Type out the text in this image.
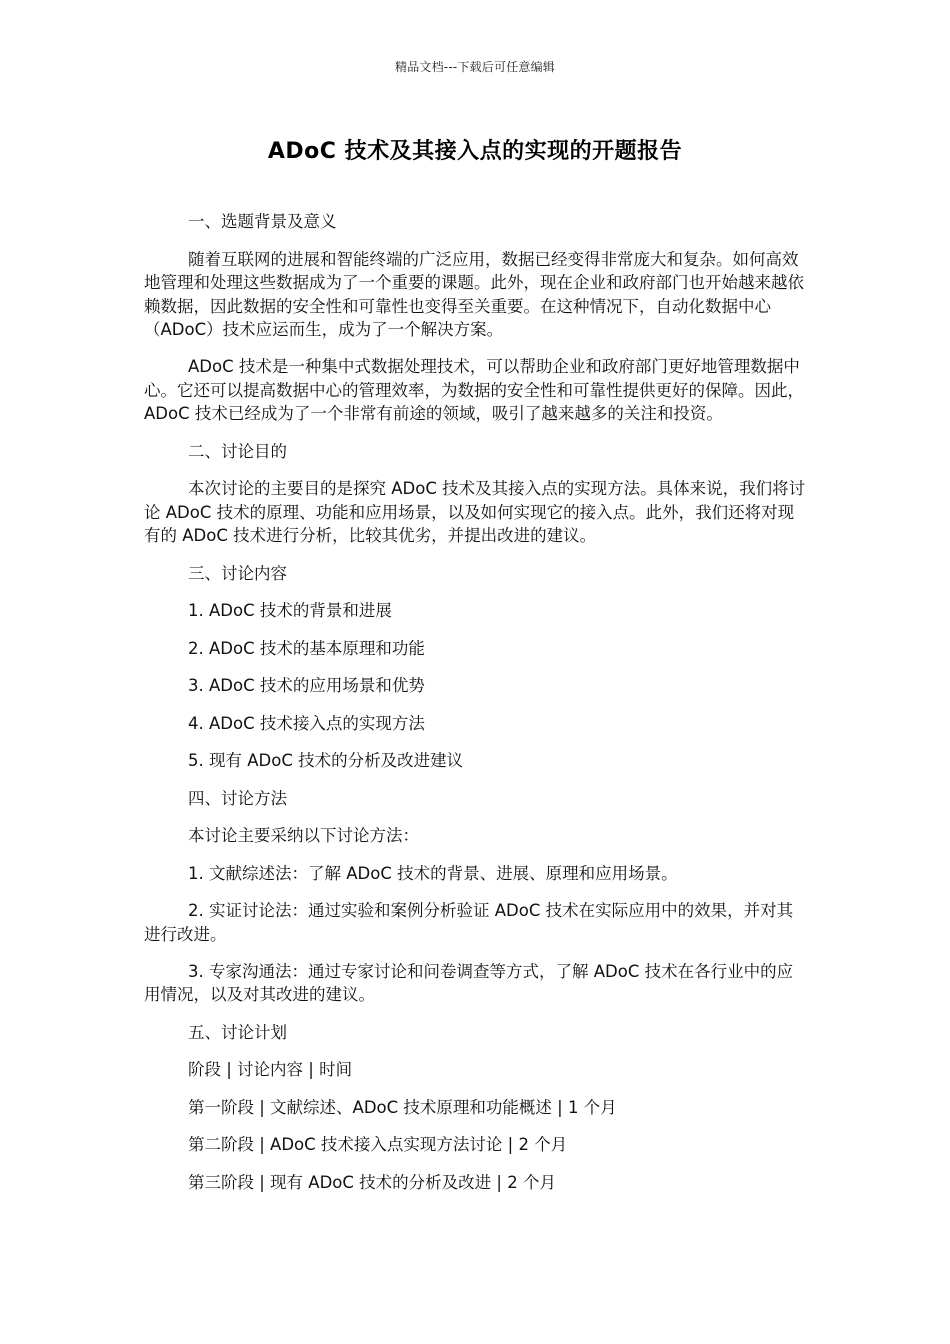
精品文档---下载后可任意编辑
ADoC 技术及其接入点的实现的开题报告

一、选题背景及意义

随着互联网的进展和智能终端的广泛应用，数据已经变得非常庞大和复杂。如何高效地管理和处理这些数据成为了一个重要的课题。此外，现在企业和政府部门也开始越来越依赖数据，因此数据的安全性和可靠性也变得至关重要。在这种情况下，自动化数据中心（ADoC）技术应运而生，成为了一个解决方案。

ADoC 技术是一种集中式数据处理技术，可以帮助企业和政府部门更好地管理数据中心。它还可以提高数据中心的管理效率，为数据的安全性和可靠性提供更好的保障。因此，ADoC 技术已经成为了一个非常有前途的领域，吸引了越来越多的关注和投资。

二、讨论目的

本次讨论的主要目的是探究 ADoC 技术及其接入点的实现方法。具体来说，我们将讨论 ADoC 技术的原理、功能和应用场景，以及如何实现它的接入点。此外，我们还将对现有的 ADoC 技术进行分析，比较其优劣，并提出改进的建议。

三、讨论内容

1. ADoC 技术的背景和进展

2. ADoC 技术的基本原理和功能

3. ADoC 技术的应用场景和优势

4. ADoC 技术接入点的实现方法

5. 现有 ADoC 技术的分析及改进建议

四、讨论方法

本讨论主要采纳以下讨论方法：

1. 文献综述法：了解 ADoC 技术的背景、进展、原理和应用场景。

2. 实证讨论法：通过实验和案例分析验证 ADoC 技术在实际应用中的效果，并对其进行改进。

3. 专家沟通法：通过专家讨论和问卷调查等方式，了解 ADoC 技术在各行业中的应用情况，以及对其改进的建议。

五、讨论计划

阶段 | 讨论内容 | 时间

第一阶段 | 文献综述、ADoC 技术原理和功能概述 | 1 个月

第二阶段 | ADoC 技术接入点实现方法讨论 | 2 个月

第三阶段 | 现有 ADoC 技术的分析及改进 | 2 个月
